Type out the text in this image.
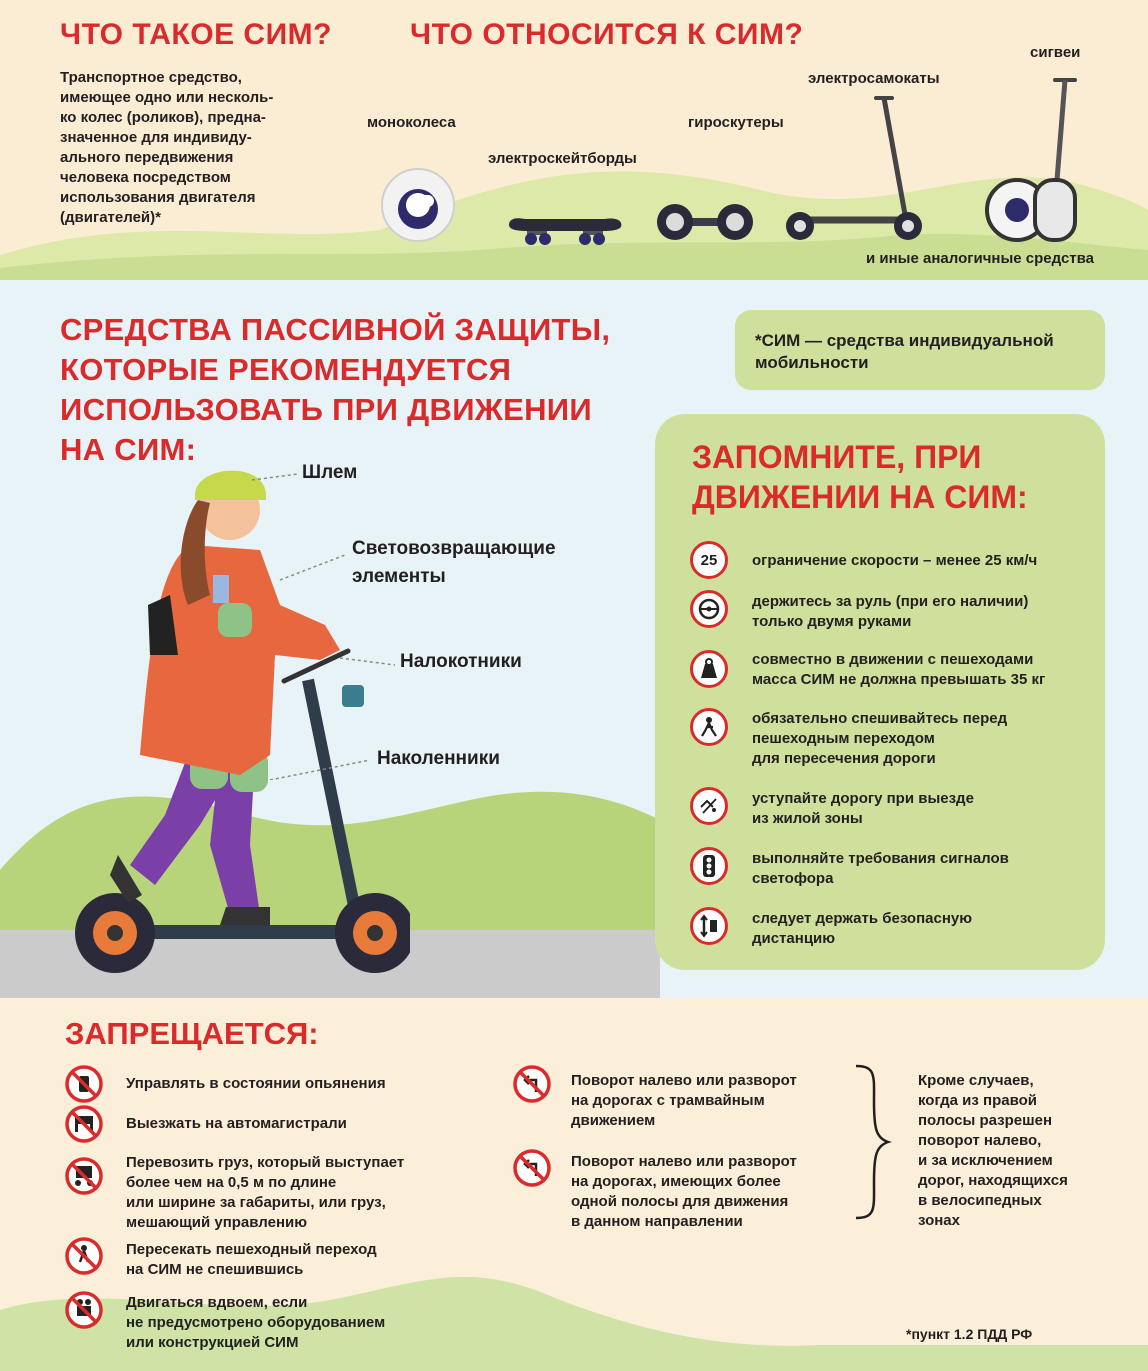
ЧТО ТАКОЕ СИМ?	ЧТО ОТНОСИТСЯ К СИМ?
Транспортное средство,
имеющее одно или несколь-
ко колес (роликов), предна-
значенное для индивиду-
ального передвижения
человека посредством
использования двигателя
(двигателей)*
моноколеса
электроскейтборды
гироскутеры
электросамокаты
сигвеи
и иные аналогичные средства
СРЕДСТВА ПАССИВНОЙ ЗАЩИТЫ,
КОТОРЫЕ РЕКОМЕНДУЕТСЯ
ИСПОЛЬЗОВАТЬ ПРИ ДВИЖЕНИИ
НА СИМ:
*СИМ — средства индивидуальной
мобильности
Шлем
Световозвращающие
элементы
Налокотники
Наколенники
ЗАПОМНИТЕ, ПРИ
ДВИЖЕНИИ НА СИМ:
25	ограничение скорости – менее 25 км/ч
держитесь за руль (при его наличии)
только двумя руками
совместно в движении с пешеходами
масса СИМ не должна превышать 35 кг
обязательно спешивайтесь перед
пешеходным переходом
для пересечения дороги
уступайте дорогу при выезде
из жилой зоны
выполняйте требования сигналов
светофора
следует держать безопасную
дистанцию
ЗАПРЕЩАЕТСЯ:
Управлять в состоянии опьянения
Выезжать на автомагистрали
Перевозить груз, который выступает
более чем на 0,5 м по длине
или ширине за габариты, или груз,
мешающий управлению
Пересекать пешеходный переход
на СИМ не спешившись
Двигаться вдвоем, если
не предусмотрено оборудованием
или конструкцией СИМ
Поворот налево или разворот
на дорогах с трамвайным
движением
Поворот налево или разворот
на дорогах, имеющих более
одной полосы для движения
в данном направлении
Кроме случаев,
когда из правой
полосы разрешен
поворот налево,
и за исключением
дорог, находящихся
в велосипедных
зонах
*пункт 1.2 ПДД РФ
